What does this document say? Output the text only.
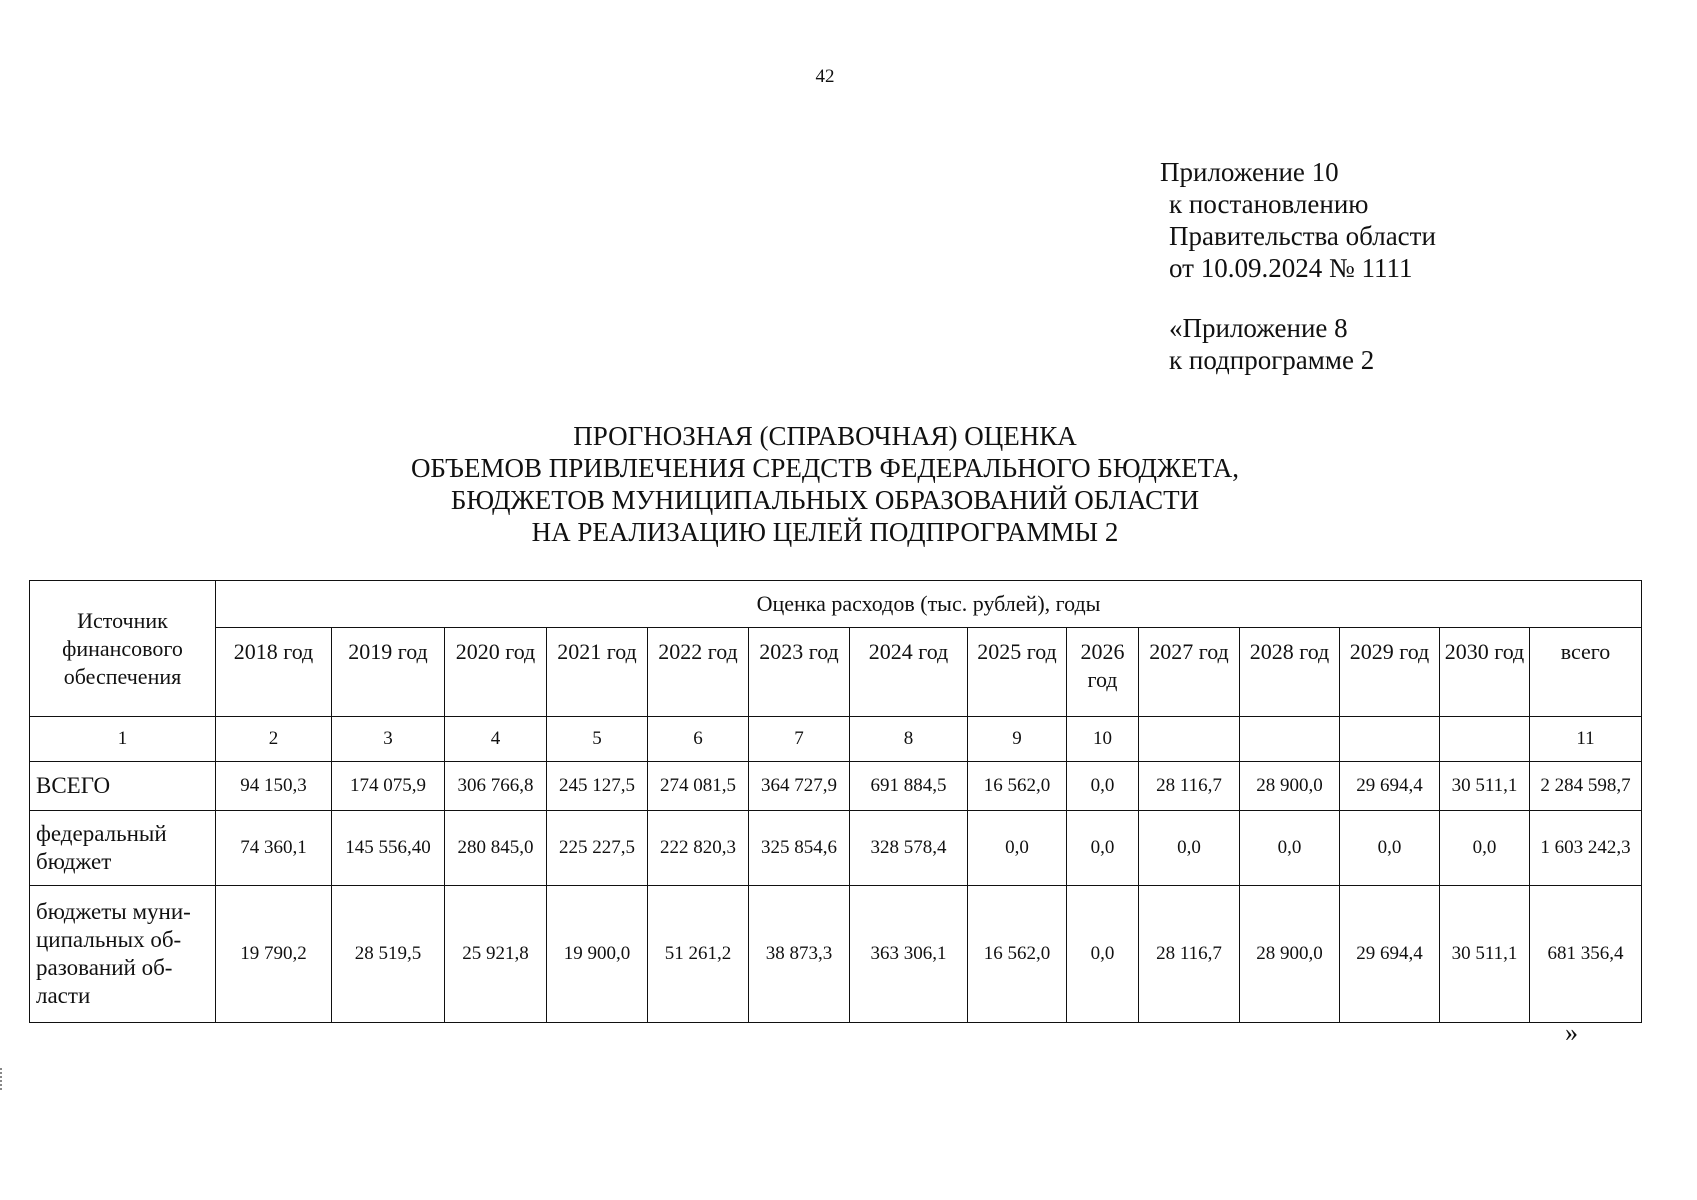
42
Приложение 10
к постановлению
Правительства области
от 10.09.2024 № 1111
«Приложение 8
к подпрограмме 2
ПРОГНОЗНАЯ (СПРАВОЧНАЯ) ОЦЕНКА
ОБЪЕМОВ ПРИВЛЕЧЕНИЯ СРЕДСТВ ФЕДЕРАЛЬНОГО БЮДЖЕТА,
БЮДЖЕТОВ МУНИЦИПАЛЬНЫХ ОБРАЗОВАНИЙ ОБЛАСТИ
НА РЕАЛИЗАЦИЮ ЦЕЛЕЙ ПОДПРОГРАММЫ 2
Источник финансового обеспечения	Оценка расходов (тыс. рублей), годы													
	2018 год	2019 год	2020 год	2021 год	2022 год	2023 год	2024 год	2025 год	2026 год	2027 год	2028 год	2029 год	2030 год	всего
1	2	3	4	5	6	7	8	9	10					11
ВСЕГО	94 150,3	174 075,9	306 766,8	245 127,5	274 081,5	364 727,9	691 884,5	16 562,0	0,0	28 116,7	28 900,0	29 694,4	30 511,1	2 284 598,7
федеральный бюджет	74 360,1	145 556,40	280 845,0	225 227,5	222 820,3	325 854,6	328 578,4	0,0	0,0	0,0	0,0	0,0	0,0	1 603 242,3
бюджеты муни-ципальных об-разований об-ласти	19 790,2	28 519,5	25 921,8	19 900,0	51 261,2	38 873,3	363 306,1	16 562,0	0,0	28 116,7	28 900,0	29 694,4	30 511,1	681 356,4
»
